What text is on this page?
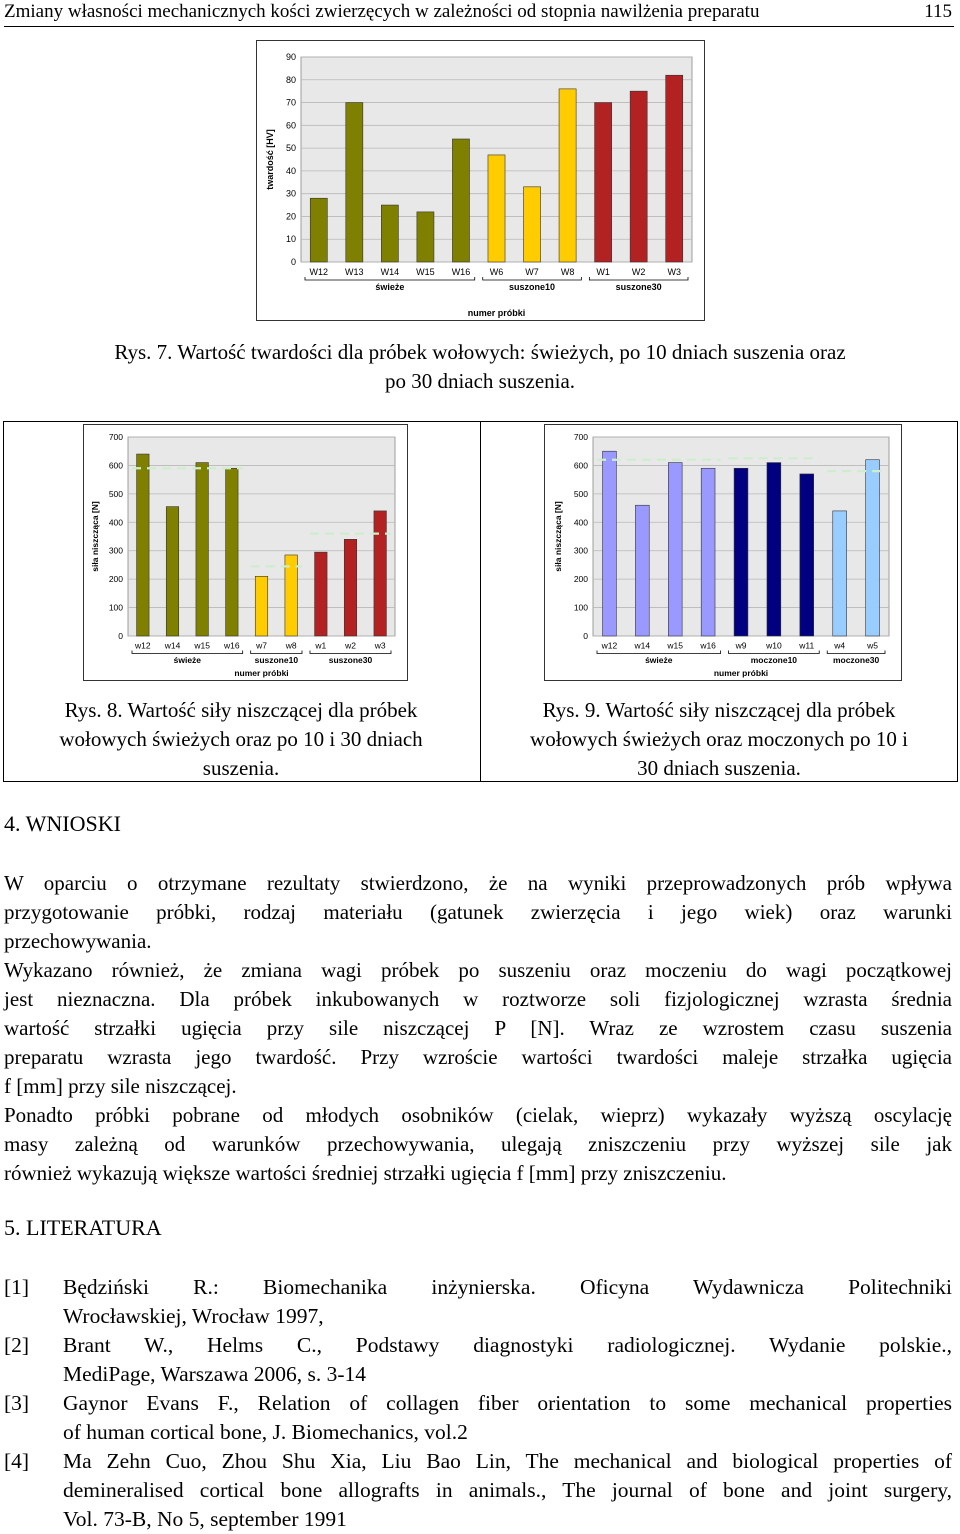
Zmiany własności mechanicznych kości zwierzęcych w zależności od stopnia nawilżenia preparatu	115
0
10
20
30
40
50
60
70
80
90
twardość [HV]
W12 W13 W14 W15 W16 W6 W7 W8 W1 W2 W3
świeże	suszone10	suszone30
numer próbki
Rys. 7. Wartość twardości dla próbek wołowych: świeżych, po 10 dniach suszenia oraz
po 30 dniach suszenia.
0
100
200
300
400
500
600
700
siła niszcząca [N]
w12 w14 w15 w16 w7 w8 w1 w2 w3
świeże	suszone10	suszone30
numer próbki
0
100
200
300
400
500
600
700
siła niszcząca [N]
w12 w14 w15 w16 w9 w10 w11 w4	w5
świeże	moczone10	moczone30
numer próbki
Rys. 8. Wartość siły niszczącej dla próbek
wołowych świeżych oraz po 10 i 30 dniach
suszenia.
Rys. 9. Wartość siły niszczącej dla próbek
wołowych świeżych oraz moczonych po 10 i
30 dniach suszenia.
4. WNIOSKI
W oparciu o otrzymane rezultaty stwierdzono, że na wyniki przeprowadzonych prób wpływa
przygotowanie próbki, rodzaj materiału (gatunek zwierzęcia i jego wiek) oraz warunki
przechowywania.
Wykazano również, że zmiana wagi próbek po suszeniu oraz moczeniu do wagi początkowej
jest nieznaczna. Dla próbek inkubowanych w roztworze soli fizjologicznej wzrasta średnia
wartość strzałki ugięcia przy sile niszczącej P [N]. Wraz ze wzrostem czasu suszenia
preparatu wzrasta jego twardość. Przy wzroście wartości twardości maleje strzałka ugięcia
f [mm] przy sile niszczącej.
Ponadto próbki pobrane od młodych osobników (cielak, wieprz) wykazały wyższą oscylację
masy zależną od warunków przechowywania, ulegają zniszczeniu przy wyższej sile jak
również wykazują większe wartości średniej strzałki ugięcia f [mm] przy zniszczeniu.
5. LITERATURA
[1] Będziński R.: Biomechanika inżynierska. Oficyna Wydawnicza Politechniki
Wrocławskiej, Wrocław 1997,
[2] Brant W., Helms C., Podstawy diagnostyki radiologicznej. Wydanie polskie.,
MediPage, Warszawa 2006, s. 3-14
[3] Gaynor Evans F., Relation of collagen fiber orientation to some mechanical properties
of human cortical bone, J. Biomechanics, vol.2
[4] Ma Zehn Cuo, Zhou Shu Xia, Liu Bao Lin, The mechanical and biological properties of
demineralised cortical bone allografts in animals., The journal of bone and joint surgery,
Vol. 73-B, No 5, september 1991
